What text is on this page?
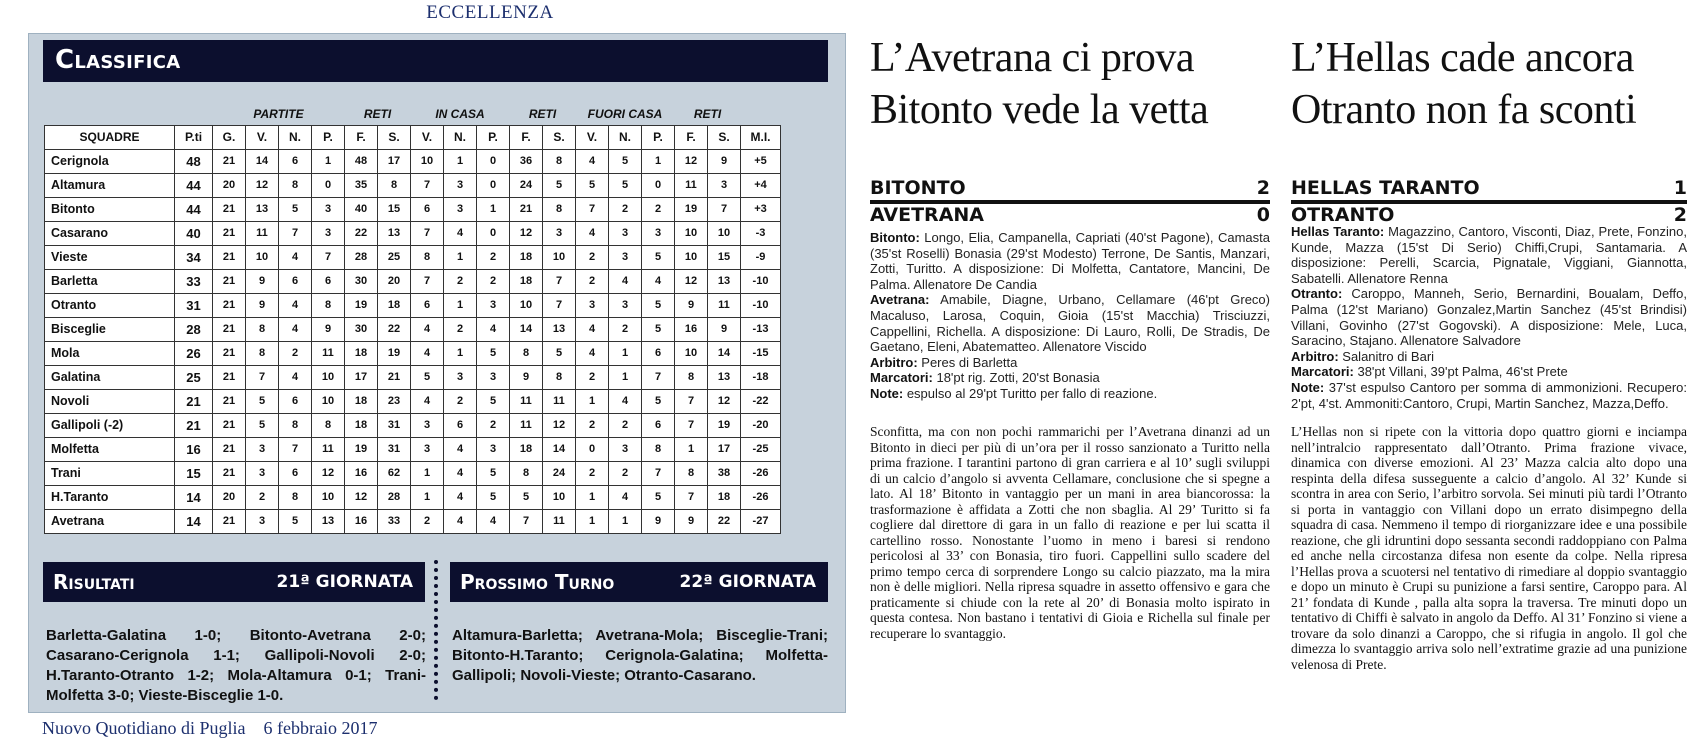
ECCELLENZA
Classifica
		PARTITE				RETI		IN CASA			RETI		FUORI CASA			RETI		
SQUADRE	P.ti	G.	V.	N.	P.	F.	S.	V.	N.	P.	F.	S.	V.	N.	P.	F.	S.	M.I.
Cerignola	48	21	14	6	1	48	17	10	1	0	36	8	4	5	1	12	9	+5
Altamura	44	20	12	8	0	35	8	7	3	0	24	5	5	5	0	11	3	+4
Bitonto	44	21	13	5	3	40	15	6	3	1	21	8	7	2	2	19	7	+3
Casarano	40	21	11	7	3	22	13	7	4	0	12	3	4	3	3	10	10	-3
Vieste	34	21	10	4	7	28	25	8	1	2	18	10	2	3	5	10	15	-9
Barletta	33	21	9	6	6	30	20	7	2	2	18	7	2	4	4	12	13	-10
Otranto	31	21	9	4	8	19	18	6	1	3	10	7	3	3	5	9	11	-10
Bisceglie	28	21	8	4	9	30	22	4	2	4	14	13	4	2	5	16	9	-13
Mola	26	21	8	2	11	18	19	4	1	5	8	5	4	1	6	10	14	-15
Galatina	25	21	7	4	10	17	21	5	3	3	9	8	2	1	7	8	13	-18
Novoli	21	21	5	6	10	18	23	4	2	5	11	11	1	4	5	7	12	-22
Gallipoli (-2)	21	21	5	8	8	18	31	3	6	2	11	12	2	2	6	7	19	-20
Molfetta	16	21	3	7	11	19	31	3	4	3	18	14	0	3	8	1	17	-25
Trani	15	21	3	6	12	16	62	1	4	5	8	24	2	2	7	8	38	-26
H.Taranto	14	20	2	8	10	12	28	1	4	5	5	10	1	4	5	7	18	-26
Avetrana	14	21	3	5	13	16	33	2	4	4	7	11	1	1	9	9	22	-27
Risultati	21ª GIORNATA Prossimo Turno	22ª GIORNATA
Barletta-Galatina 1-0; Bitonto-Avetrana 2-0; Casarano-Cerignola 1-1; Gallipoli-Novoli 2-0; H.Taranto-Otranto 1-2; Mola-Altamura 0-1; Trani-Molfetta 3-0; Vieste-Bisceglie 1-0.
Altamura-Barletta; Avetrana-Mola; Bisceglie-Trani; Bitonto-H.Taranto; Cerignola-Galatina; Molfetta-Gallipoli; Novoli-Vieste; Otranto-Casarano.
Nuovo Quotidiano di Puglia 6 febbraio 2017
L’Avetrana ci prova
Bitonto vede la vetta
BITONTO	2
AVETRANA	0

Bitonto: Longo, Elia, Campanella, Capriati (40'st Pagone), Camasta (35'st Roselli) Bonasia (29'st Modesto) Terrone, De Santis, Manzari, Zotti, Turitto. A disposizione: Di Molfetta, Cantatore, Mancini, De Palma. Allenatore De Candia

Avetrana: Amabile, Diagne, Urbano, Cellamare (46'pt Greco) Macaluso, Larosa, Coquin, Gioia (15'st Macchia) Trisciuzzi, Cappellini, Richella. A disposizione: Di Lauro, Rolli, De Stradis, De Gaetano, Eleni, Abatematteo. Allenatore Viscido

Arbitro: Peres di Barletta

Marcatori: 18'pt rig. Zotti, 20'st Bonasia

Note: espulso al 29'pt Turitto per fallo di reazione.

Sconfitta, ma con non pochi rammarichi per l’Avetrana dinanzi ad un Bitonto in dieci per più di un’ora per il rosso sanzionato a Turitto nella prima frazione. I tarantini partono di gran carriera e al 10’ sugli sviluppi di un calcio d’angolo si avventa Cellamare, conclusione che si spegne a lato. Al 18’ Bitonto in vantaggio per un mani in area biancorossa: la trasformazione è affidata a Zotti che non sbaglia. Al 29’ Turitto si fa cogliere dal direttore di gara in un fallo di reazione e per lui scatta il cartellino rosso. Nonostante l’uomo in meno i baresi si rendono pericolosi al 33’ con Bonasia, tiro fuori. Cappellini sullo scadere del primo tempo cerca di sorprendere Longo su calcio piazzato, ma la mira non è delle migliori. Nella ripresa squadre in assetto offensivo e gara che praticamente si chiude con la rete al 20’ di Bonasia molto ispirato in questa contesa. Non bastano i tentativi di Gioia e Richella sul finale per recuperare lo svantaggio.
L’Hellas cade ancora
Otranto non fa sconti
HELLAS TARANTO	1
OTRANTO	2

Hellas Taranto: Magazzino, Cantoro, Visconti, Diaz, Prete, Fonzino, Kunde, Mazza (15'st Di Serio) Chiffi,Crupi, Santamaria. A disposizione: Perelli, Scarcia, Pignatale, Viggiani, Giannotta, Sabatelli. Allenatore Renna

Otranto: Caroppo, Manneh, Serio, Bernardini, Boualam, Deffo, Palma (12'st Mariano) Gonzalez,Martin Sanchez (45'st Brindisi) Villani, Govinho (27'st Gogovski). A disposizione: Mele, Luca, Saracino, Stajano. Allenatore Salvadore

Arbitro: Salanitro di Bari

Marcatori: 38'pt Villani, 39'pt Palma, 46'st Prete

Note: 37'st espulso Cantoro per somma di ammonizioni. Recupero: 2'pt, 4'st. Ammoniti:Cantoro, Crupi, Martin Sanchez, Mazza,Deffo.

L’Hellas non si ripete con la vittoria dopo quattro giorni e inciampa nell’intralcio rappresentato dall’Otranto. Prima frazione vivace, dinamica con diverse emozioni. Al 23’ Mazza calcia alto dopo una respinta della difesa susseguente a calcio d’angolo. Al 32’ Kunde si scontra in area con Serio, l’arbitro sorvola. Sei minuti più tardi l’Otranto si porta in vantaggio con Villani dopo un errato disimpegno della squadra di casa. Nemmeno il tempo di riorganizzare idee e una possibile reazione, che gli idruntini dopo sessanta secondi raddoppiano con Palma ed anche nella circostanza difesa non esente da colpe. Nella ripresa l’Hellas prova a scuotersi nel tentativo di rimediare al doppio svantaggio e dopo un minuto è Crupi su punizione a farsi sentire, Caroppo para. Al 21’ fondata di Kunde , palla alta sopra la traversa. Tre minuti dopo un tentativo di Chiffi è salvato in angolo da Deffo. Al 31’ Fonzino si viene a trovare da solo dinanzi a Caroppo, che si rifugia in angolo. Il gol che dimezza lo svantaggio arriva solo nell’extratime grazie ad una punizione velenosa di Prete.
